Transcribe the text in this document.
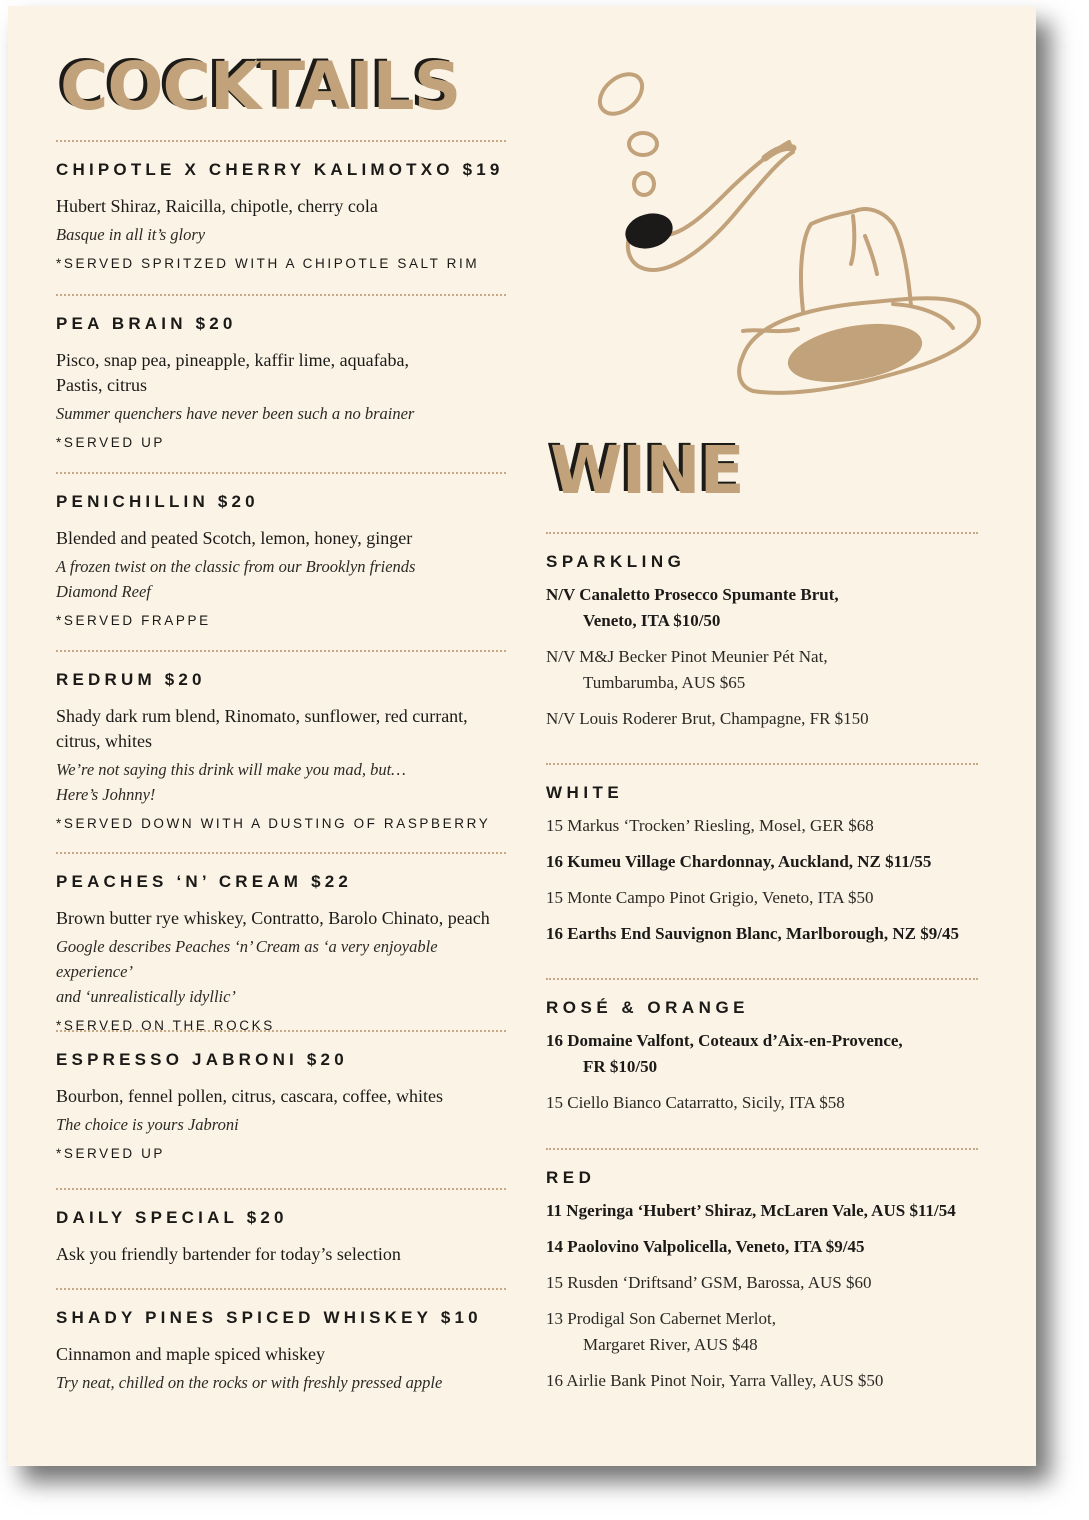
COCKTAILS
CHIPOTLE X CHERRY KALIMOTXO $19
Hubert Shiraz, Raicilla, chipotle, cherry cola
Basque in all it’s glory
*SERVED SPRITZED WITH A CHIPOTLE SALT RIM
PEA BRAIN $20
Pisco, snap pea, pineapple, kaffir lime, aquafaba,
Pastis, citrus
Summer quenchers have never been such a no brainer
*SERVED UP
PENICHILLIN $20
Blended and peated Scotch, lemon, honey, ginger
A frozen twist on the classic from our Brooklyn friends
Diamond Reef
*SERVED FRAPPE
REDRUM $20
Shady dark rum blend, Rinomato, sunflower, red currant,
citrus, whites
We’re not saying this drink will make you mad, but…
Here’s Johnny!
*SERVED DOWN WITH A DUSTING OF RASPBERRY
PEACHES ‘N’ CREAM $22
Brown butter rye whiskey, Contratto, Barolo Chinato, peach
Google describes Peaches ‘n’ Cream as ‘a very enjoyable experience’
and ‘unrealistically idyllic’
*SERVED ON THE ROCKS
ESPRESSO JABRONI $20
Bourbon, fennel pollen, citrus, cascara, coffee, whites
The choice is yours Jabroni
*SERVED UP
DAILY SPECIAL $20
Ask you friendly bartender for today’s selection
SHADY PINES SPICED WHISKEY $10
Cinnamon and maple spiced whiskey
Try neat, chilled on the rocks or with freshly pressed apple
WINE
SPARKLING
N/V Canaletto Prosecco Spumante Brut,
Veneto, ITA $10/50
N/V M&J Becker Pinot Meunier Pét Nat,
Tumbarumba, AUS $65
N/V Louis Roderer Brut, Champagne, FR $150
WHITE
15 Markus ‘Trocken’ Riesling, Mosel, GER $68
16 Kumeu Village Chardonnay, Auckland, NZ $11/55
15 Monte Campo Pinot Grigio, Veneto, ITA $50
16 Earths End Sauvignon Blanc, Marlborough, NZ $9/45
ROSÉ & ORANGE
16 Domaine Valfont, Coteaux d’Aix-en-Provence,
FR $10/50
15 Ciello Bianco Catarratto, Sicily, ITA $58
RED
11 Ngeringa ‘Hubert’ Shiraz, McLaren Vale, AUS $11/54
14 Paolovino Valpolicella, Veneto, ITA $9/45
15 Rusden ‘Driftsand’ GSM, Barossa, AUS $60
13 Prodigal Son Cabernet Merlot,
Margaret River, AUS $48
16 Airlie Bank Pinot Noir, Yarra Valley, AUS $50
